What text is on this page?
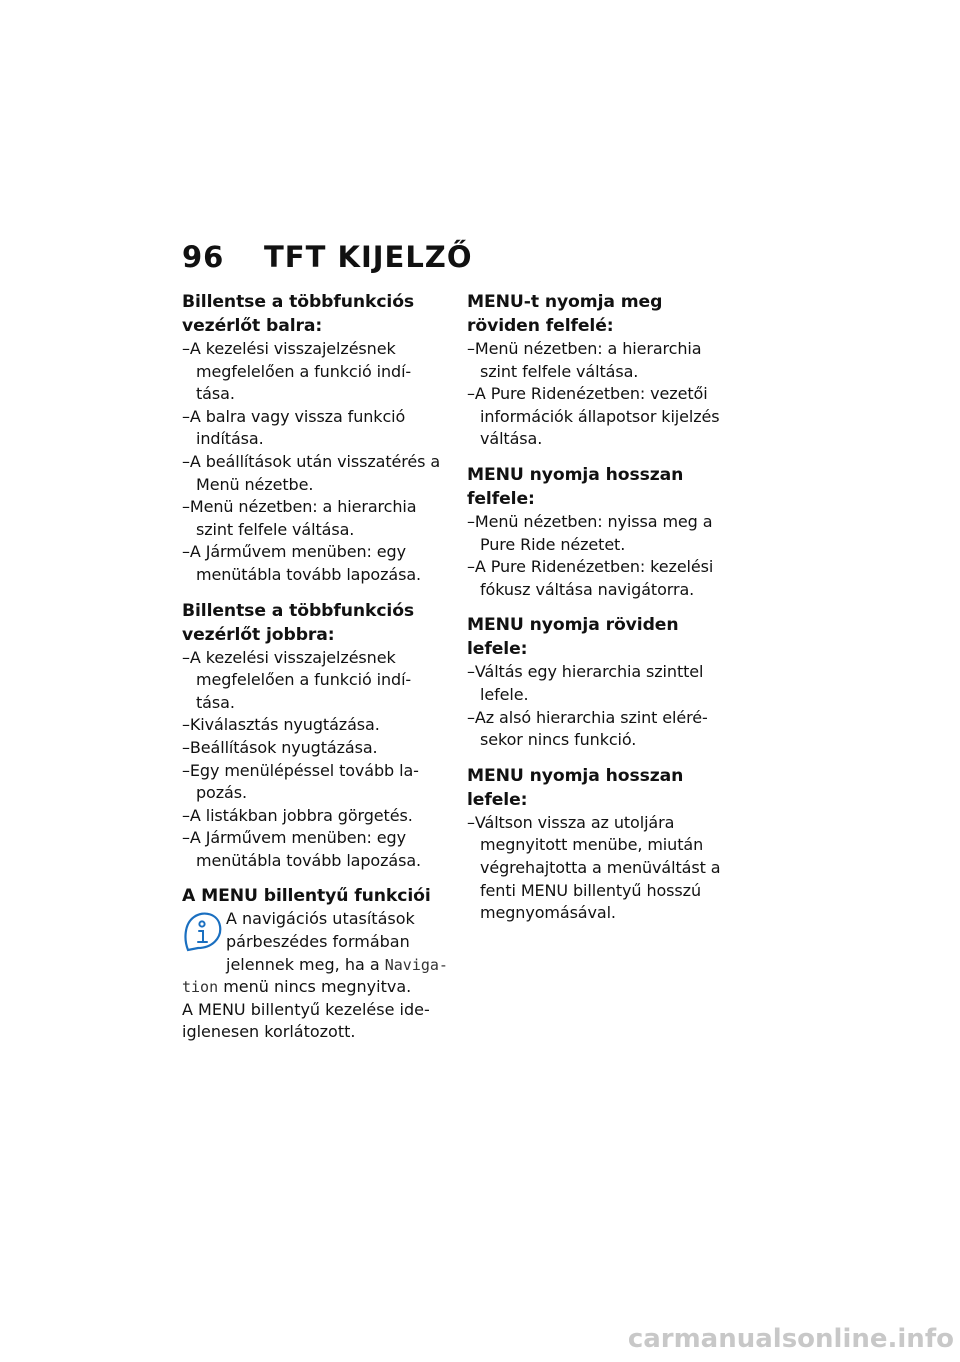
96 TFT KIJELZŐ
Billentse a többfunkciós vezérlőt balra:
–A kezelési visszajelzésnek megfelelően a funkció indí- tása.
–A balra vagy vissza funkció indítása.
–A beállítások után visszatérés a Menü nézetbe.
–Menü nézetben: a hierarchia szint felfele váltása.
–A Járművem menüben: egy menütábla tovább lapozása.
Billentse a többfunkciós vezérlőt jobbra:
–A kezelési visszajelzésnek megfelelően a funkció indí- tása.
–Kiválasztás nyugtázása.
–Beállítások nyugtázása.
–Egy menülépéssel tovább la- pozás.
–A listákban jobbra görgetés.
–A Járművem menüben: egy menütábla tovább lapozása.
A MENU billentyű funkciói
A navigációs utasítások párbeszédes formában jelennek meg, ha a Naviga- tion menü nincs megnyitva.
A MENU billentyű kezelése ide- iglenesen korlátozott.
MENU-t nyomja meg röviden felfelé:
–Menü nézetben: a hierarchia szint felfele váltása.
–A Pure Ridenézetben: vezetői információk állapotsor kijelzés váltása.
MENU nyomja hosszan felfele:
–Menü nézetben: nyissa meg a Pure Ride nézetet.
–A Pure Ridenézetben: kezelési fókusz váltása navigátorra.
MENU nyomja röviden lefele:
–Váltás egy hierarchia szinttel lefele.
–Az alsó hierarchia szint eléré- sekor nincs funkció.
MENU nyomja hosszan lefele:
–Váltson vissza az utoljára megnyitott menübe, miután végrehajtotta a menüváltást a fenti MENU billentyű hosszú megnyomásával.
carmanualsonline.info
